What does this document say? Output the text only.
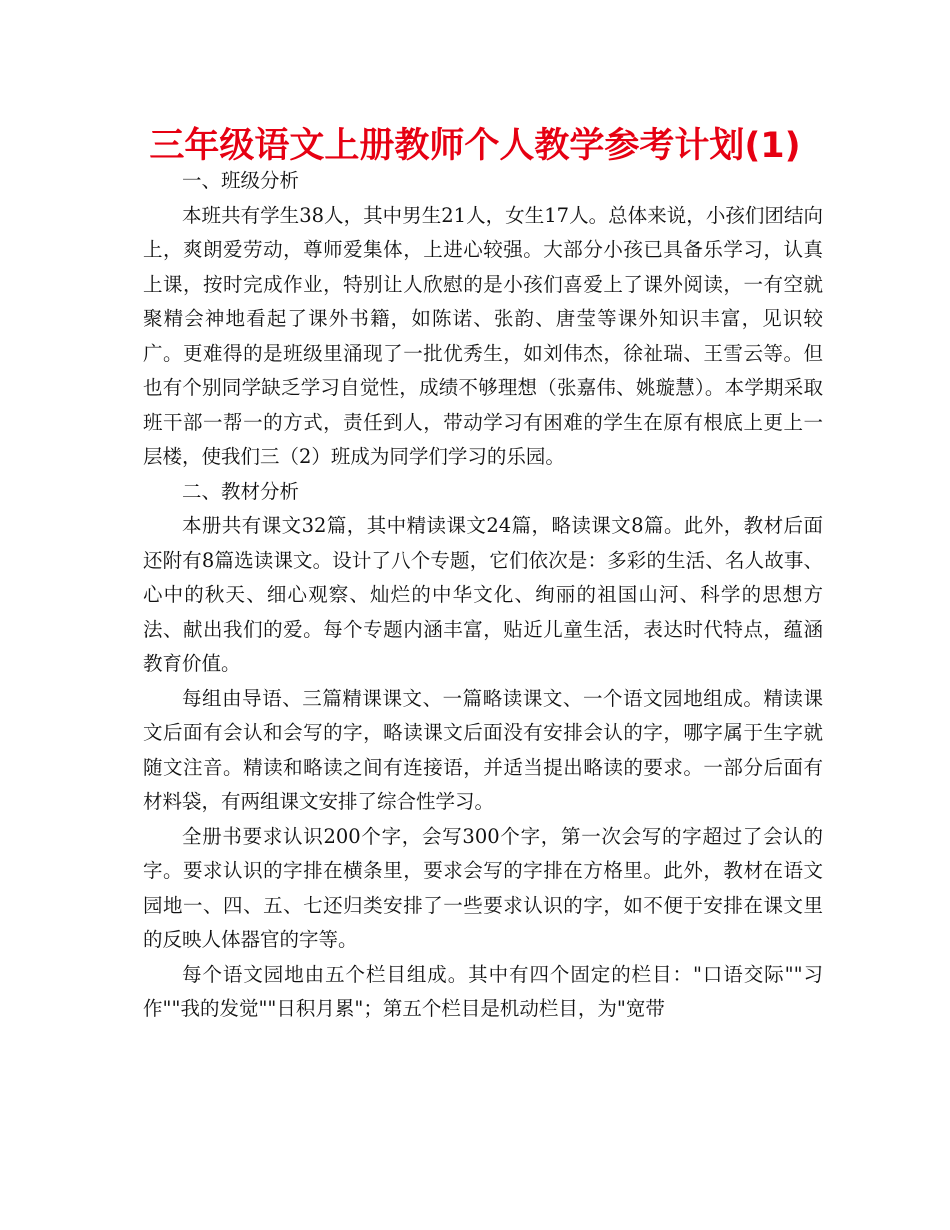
三年级语文上册教师个人教学参考计划(1)

一、班级分析

本班共有学生38人，其中男生21人，女生17人。总体来说，小孩们团结向上，爽朗爱劳动，尊师爱集体，上进心较强。大部分小孩已具备乐学习，认真上课，按时完成作业，特别让人欣慰的是小孩们喜爱上了课外阅读，一有空就聚精会神地看起了课外书籍，如陈诺、张韵、唐莹等课外知识丰富，见识较广。更难得的是班级里涌现了一批优秀生，如刘伟杰，徐祉瑞、王雪云等。但也有个别同学缺乏学习自觉性，成绩不够理想（张嘉伟、姚璇慧）。本学期采取班干部一帮一的方式，责任到人，带动学习有困难的学生在原有根底上更上一层楼，使我们三（2）班成为同学们学习的乐园。

二、教材分析

本册共有课文32篇，其中精读课文24篇，略读课文8篇。此外，教材后面还附有8篇选读课文。设计了八个专题，它们依次是：多彩的生活、名人故事、心中的秋天、细心观察、灿烂的中华文化、绚丽的祖国山河、科学的思想方法、献出我们的爱。每个专题内涵丰富，贴近儿童生活，表达时代特点，蕴涵教育价值。

每组由导语、三篇精课课文、一篇略读课文、一个语文园地组成。精读课文后面有会认和会写的字，略读课文后面没有安排会认的字，哪字属于生字就随文注音。精读和略读之间有连接语，并适当提出略读的要求。一部分后面有材料袋，有两组课文安排了综合性学习。

全册书要求认识200个字，会写300个字，第一次会写的字超过了会认的字。要求认识的字排在横条里，要求会写的字排在方格里。此外，教材在语文园地一、四、五、七还归类安排了一些要求认识的字，如不便于安排在课文里的反映人体器官的字等。

每个语文园地由五个栏目组成。其中有四个固定的栏目："口语交际""习作""我的发觉""日积月累"；第五个栏目是机动栏目，为"宽带
